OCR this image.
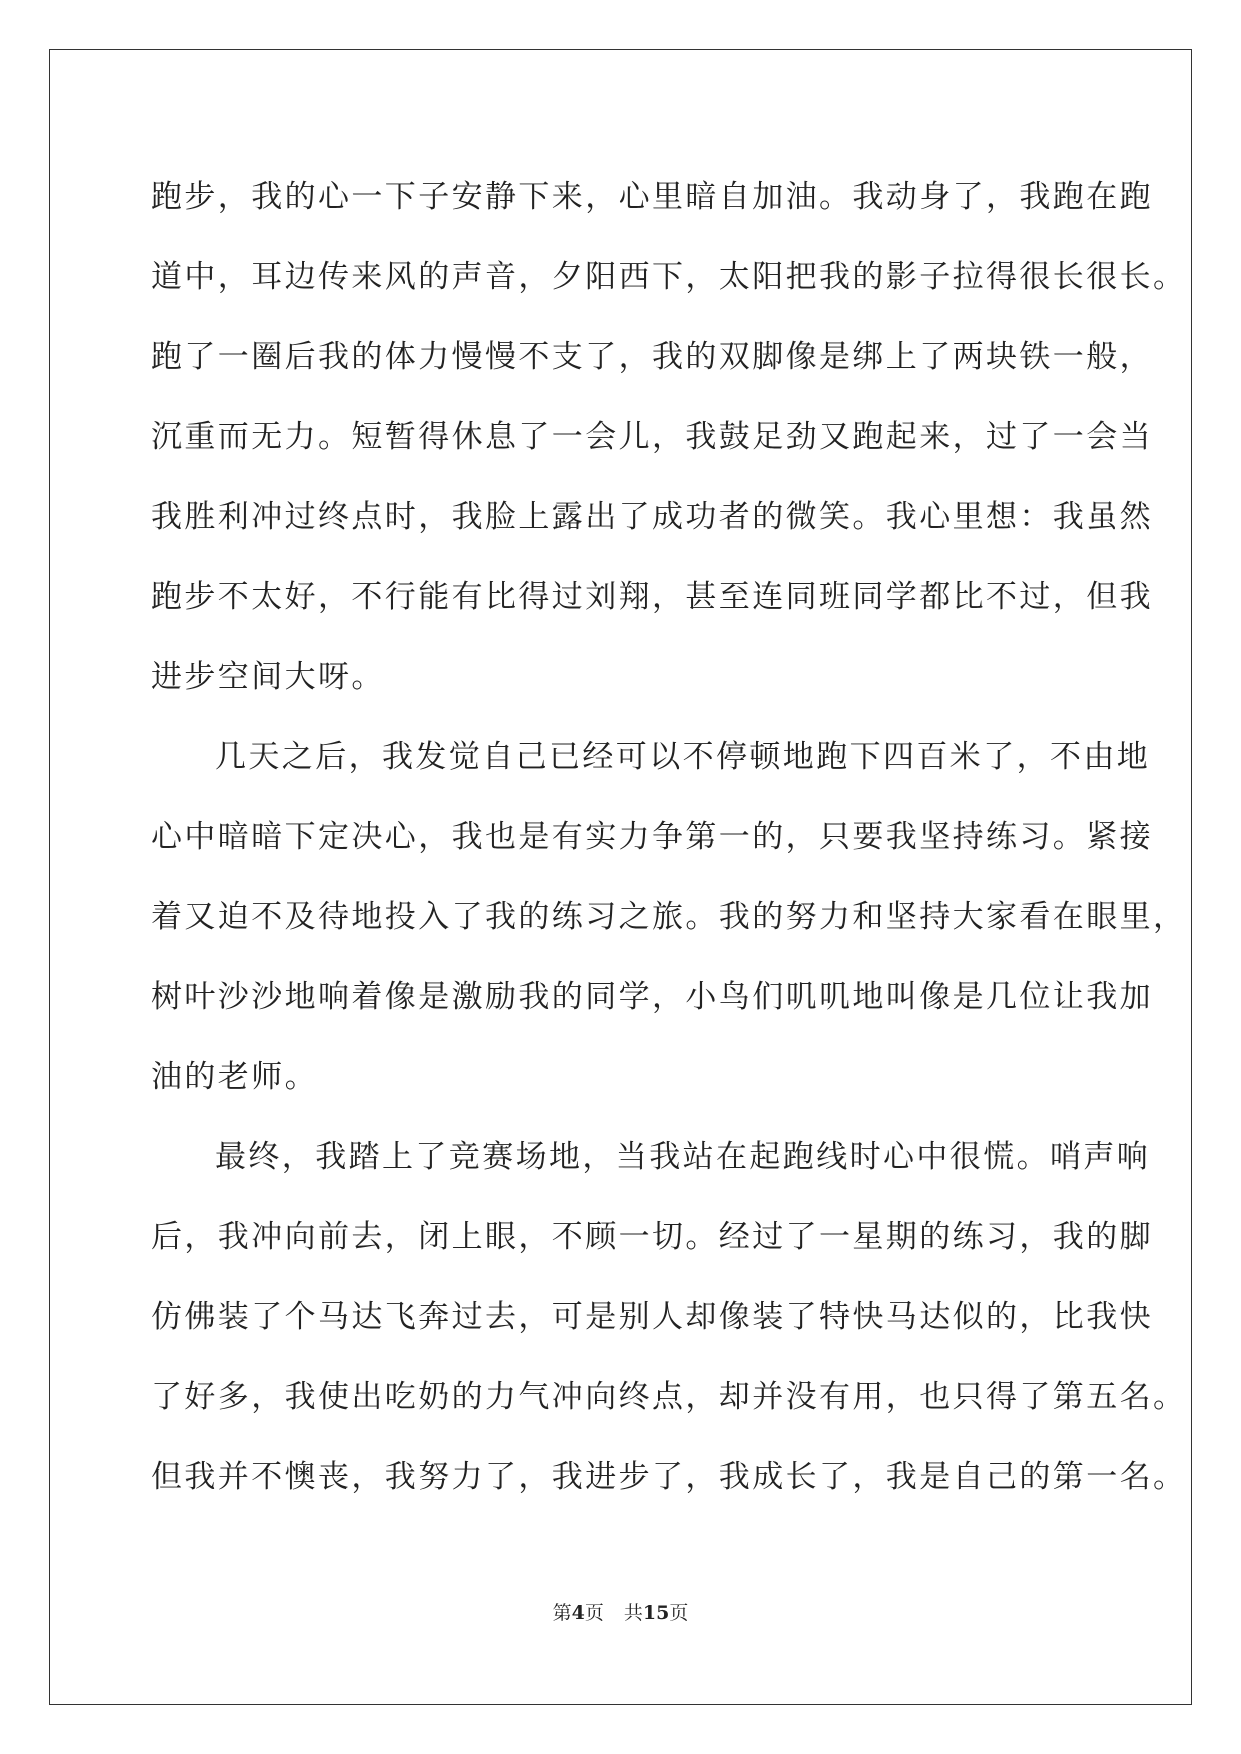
跑步，我的心一下子安静下来，心里暗自加油。我动身了，我跑在跑
道中，耳边传来风的声音，夕阳西下，太阳把我的影子拉得很长很长。
跑了一圈后我的体力慢慢不支了，我的双脚像是绑上了两块铁一般，
沉重而无力。短暂得休息了一会儿，我鼓足劲又跑起来，过了一会当
我胜利冲过终点时，我脸上露出了成功者的微笑。我心里想：我虽然
跑步不太好，不行能有比得过刘翔，甚至连同班同学都比不过，但我
进步空间大呀。
几天之后，我发觉自己已经可以不停顿地跑下四百米了，不由地
心中暗暗下定决心，我也是有实力争第一的，只要我坚持练习。紧接
着又迫不及待地投入了我的练习之旅。我的努力和坚持大家看在眼里，
树叶沙沙地响着像是激励我的同学，小鸟们叽叽地叫像是几位让我加
油的老师。
最终，我踏上了竞赛场地，当我站在起跑线时心中很慌。哨声响
后，我冲向前去，闭上眼，不顾一切。经过了一星期的练习，我的脚
仿佛装了个马达飞奔过去，可是别人却像装了特快马达似的，比我快
了好多，我使出吃奶的力气冲向终点，却并没有用，也只得了第五名。
但我并不懊丧，我努力了，我进步了，我成长了，我是自己的第一名。
第4页 共15页
